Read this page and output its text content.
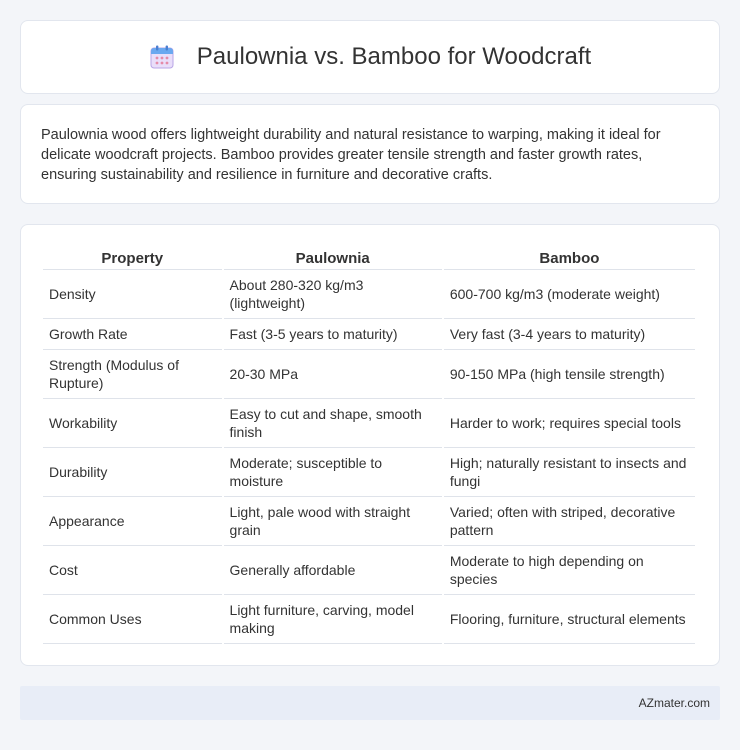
Paulownia vs. Bamboo for Woodcraft

Paulownia wood offers lightweight durability and natural resistance to warping, making it ideal for delicate woodcraft projects. Bamboo provides greater tensile strength and faster growth rates, ensuring sustainability and resilience in furniture and decorative crafts.

Property	Paulownia	Bamboo
Density	About 280-320 kg/m3 (lightweight)	600-700 kg/m3 (moderate weight)
Growth Rate	Fast (3-5 years to maturity)	Very fast (3-4 years to maturity)
Strength (Modulus of Rupture)	20-30 MPa	90-150 MPa (high tensile strength)
Workability	Easy to cut and shape, smooth finish	Harder to work; requires special tools
Durability	Moderate; susceptible to moisture	High; naturally resistant to insects and fungi
Appearance	Light, pale wood with straight grain	Varied; often with striped, decorative pattern
Cost	Generally affordable	Moderate to high depending on species
Common Uses	Light furniture, carving, model making	Flooring, furniture, structural elements
AZmater.com
